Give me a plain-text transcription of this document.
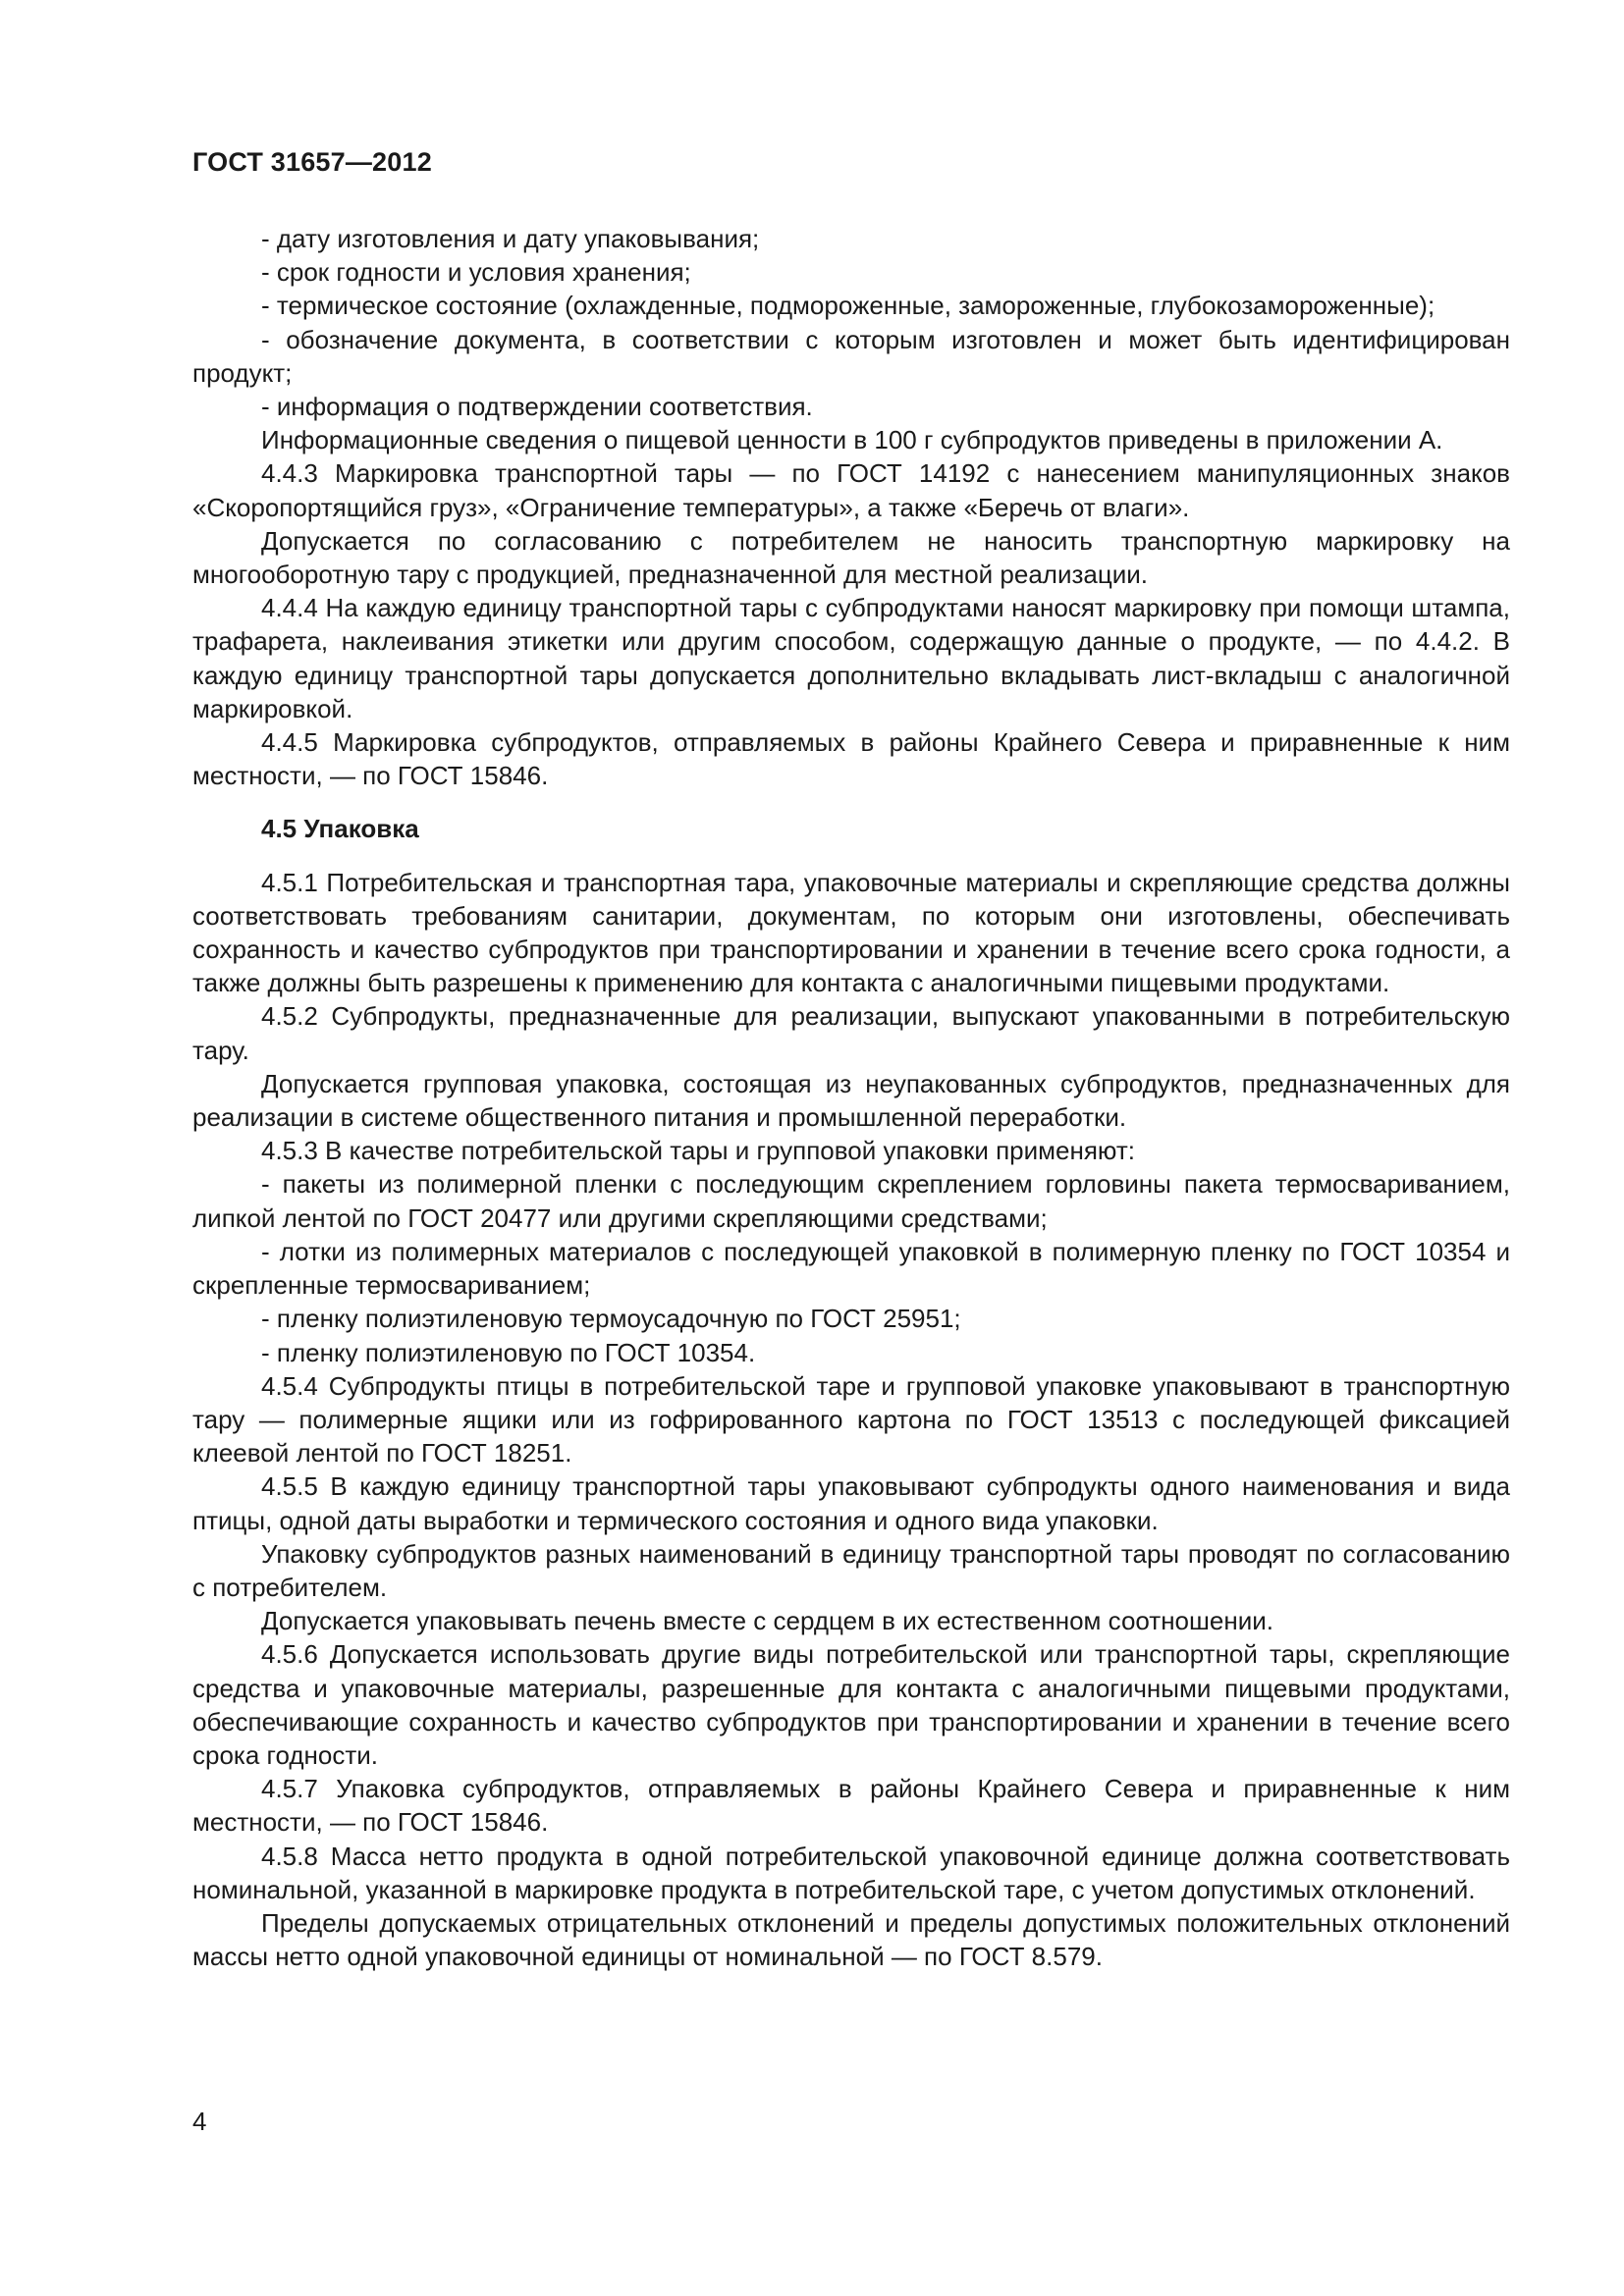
ГОСТ 31657—2012

- дату изготовления и дату упаковывания;

- срок годности и условия хранения;

- термическое состояние (охлажденные, подмороженные, замороженные, глубокозамороженные);

- обозначение документа, в соответствии с которым изготовлен и может быть идентифицирован продукт;

- информация о подтверждении соответствия.

Информационные сведения о пищевой ценности в 100 г субпродуктов приведены в приложении А.

4.4.3 Маркировка транспортной тары — по ГОСТ 14192 с нанесением манипуляционных знаков «Скоропортящийся груз», «Ограничение температуры», а также «Беречь от влаги».

Допускается по согласованию с потребителем не наносить транспортную маркировку на многооборотную тару с продукцией, предназначенной для местной реализации.

4.4.4 На каждую единицу транспортной тары с субпродуктами наносят маркировку при помощи штампа, трафарета, наклеивания этикетки или другим способом, содержащую данные о продукте, — по 4.4.2. В каждую единицу транспортной тары допускается дополнительно вкладывать лист-вкладыш с аналогичной маркировкой.

4.4.5 Маркировка субпродуктов, отправляемых в районы Крайнего Севера и приравненные к ним местности, — по ГОСТ 15846.

4.5 Упаковка

4.5.1 Потребительская и транспортная тара, упаковочные материалы и скрепляющие средства должны соответствовать требованиям санитарии, документам, по которым они изготовлены, обеспечивать сохранность и качество субпродуктов при транспортировании и хранении в течение всего срока годности, а также должны быть разрешены к применению для контакта с аналогичными пищевыми продуктами.

4.5.2 Субпродукты, предназначенные для реализации, выпускают упакованными в потребительскую тару.

Допускается групповая упаковка, состоящая из неупакованных субпродуктов, предназначенных для реализации в системе общественного питания и промышленной переработки.

4.5.3 В качестве потребительской тары и групповой упаковки применяют:

- пакеты из полимерной пленки с последующим скреплением горловины пакета термосвариванием, липкой лентой по ГОСТ 20477 или другими скрепляющими средствами;

- лотки из полимерных материалов с последующей упаковкой в полимерную пленку по ГОСТ 10354 и скрепленные термосвариванием;

- пленку полиэтиленовую термоусадочную по ГОСТ 25951;

- пленку полиэтиленовую по ГОСТ 10354.

4.5.4 Субпродукты птицы в потребительской таре и групповой упаковке упаковывают в транспортную тару — полимерные ящики или из гофрированного картона по ГОСТ 13513 с последующей фиксацией клеевой лентой по ГОСТ 18251.

4.5.5 В каждую единицу транспортной тары упаковывают субпродукты одного наименования и вида птицы, одной даты выработки и термического состояния и одного вида упаковки.

Упаковку субпродуктов разных наименований в единицу транспортной тары проводят по согласованию с потребителем.

Допускается упаковывать печень вместе с сердцем в их естественном соотношении.

4.5.6 Допускается использовать другие виды потребительской или транспортной тары, скрепляющие средства и упаковочные материалы, разрешенные для контакта с аналогичными пищевыми продуктами, обеспечивающие сохранность и качество субпродуктов при транспортировании и хранении в течение всего срока годности.

4.5.7 Упаковка субпродуктов, отправляемых в районы Крайнего Севера и приравненные к ним местности, — по ГОСТ 15846.

4.5.8 Масса нетто продукта в одной потребительской упаковочной единице должна соответствовать номинальной, указанной в маркировке продукта в потребительской таре, с учетом допустимых отклонений.

Пределы допускаемых отрицательных отклонений и пределы допустимых положительных отклонений массы нетто одной упаковочной единицы от номинальной — по ГОСТ 8.579.

4
